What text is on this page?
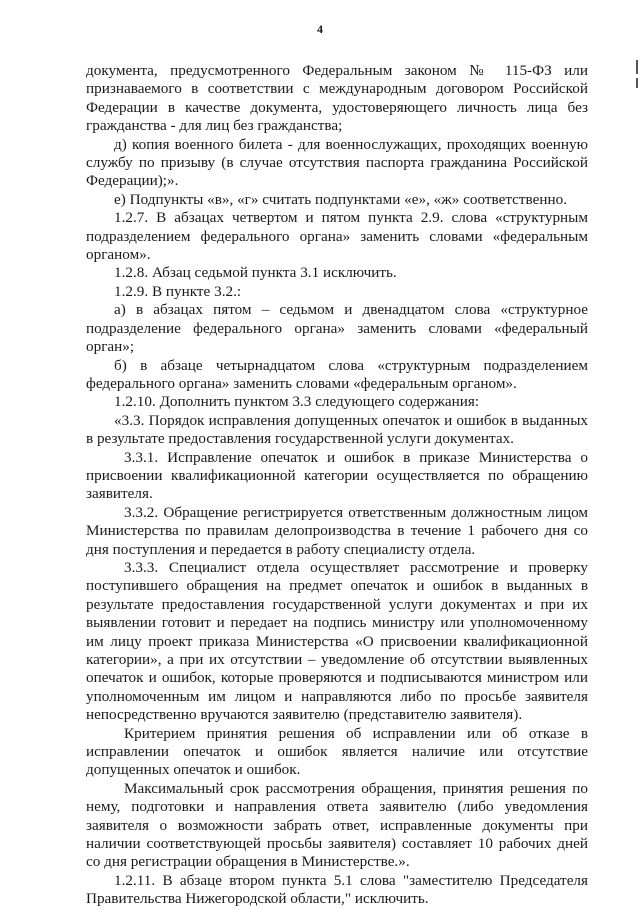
4

документа, предусмотренного Федеральным законом № 115-ФЗ или признаваемого в соответствии с международным договором Российской Федерации в качестве документа, удостоверяющего личность лица без гражданства - для лиц без гражданства;

д) копия военного билета - для военнослужащих, проходящих военную службу по призыву (в случае отсутствия паспорта гражданина Российской Федерации);».

е) Подпункты «в», «г» считать подпунктами «е», «ж» соответственно.

1.2.7. В абзацах четвертом и пятом пункта 2.9. слова «структурным подразделением федерального органа» заменить словами «федеральным органом».

1.2.8. Абзац седьмой пункта 3.1 исключить.

1.2.9. В пункте 3.2.:

а) в абзацах пятом – седьмом и двенадцатом слова «структурное подразделение федерального органа» заменить словами «федеральный орган»;

б) в абзаце четырнадцатом слова «структурным подразделением федерального органа» заменить словами «федеральным органом».

1.2.10. Дополнить пунктом 3.3 следующего содержания:

«3.3. Порядок исправления допущенных опечаток и ошибок в выданных в результате предоставления государственной услуги документах.

3.3.1. Исправление опечаток и ошибок в приказе Министерства о присвоении квалификационной категории осуществляется по обращению заявителя.

3.3.2. Обращение регистрируется ответственным должностным лицом Министерства по правилам делопроизводства в течение 1 рабочего дня со дня поступления и передается в работу специалисту отдела.

3.3.3. Специалист отдела осуществляет рассмотрение и проверку поступившего обращения на предмет опечаток и ошибок в выданных в результате предоставления государственной услуги документах и при их выявлении готовит и передает на подпись министру или уполномоченному им лицу проект приказа Министерства «О присвоении квалификационной категории», а при их отсутствии – уведомление об отсутствии выявленных опечаток и ошибок, которые проверяются и подписываются министром или уполномоченным им лицом и направляются либо по просьбе заявителя непосредственно вручаются заявителю (представителю заявителя).

Критерием принятия решения об исправлении или об отказе в исправлении опечаток и ошибок является наличие или отсутствие допущенных опечаток и ошибок.

Максимальный срок рассмотрения обращения, принятия решения по нему, подготовки и направления ответа заявителю (либо уведомления заявителя о возможности забрать ответ, исправленные документы при наличии соответствующей просьбы заявителя) составляет 10 рабочих дней со дня регистрации обращения в Министерстве.».

1.2.11. В абзаце втором пункта 5.1 слова "заместителю Председателя Правительства Нижегородской области," исключить.
